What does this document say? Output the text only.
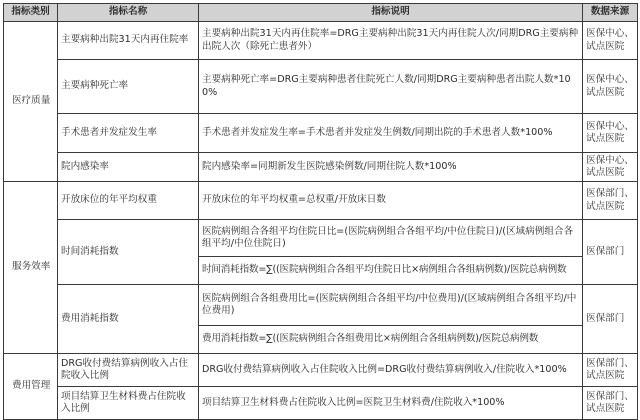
指标类别	指标名称	指标说明	数据来源
医疗质量	主要病种出院31天内再住院率	主要病种出院31天内再住院率=DRG主要病种出院31天内再住院人次/同期DRG主要病种出院人次（除死亡患者外）	医保中心、试点医院
	主要病种死亡率	主要病种死亡率=DRG主要病种患者住院死亡人数/同期DRG主要病种患者出院人数*100%	医保中心、试点医院
	手术患者并发症发生率	手术患者并发症发生率=手术患者并发症发生例数/同期出院的手术患者人数*100%	医保中心、试点医院
	院内感染率	院内感染率=同期新发生医院感染例数/同期住院人数*100%	医保中心、试点医院
服务效率	开放床位的年平均权重	开放床位的年平均权重=总权重/开放床日数	医保部门、试点医院
	时间消耗指数	医院病例组合各组平均住院日比=(医院病例组合各组平均/中位住院日)/(区域病例组合各组平均/中位住院日)	医保部门
		时间消耗指数=∑((医院病例组合各组平均住院日比×病例组合各组病例数)/医院总病例数	
	费用消耗指数	医院病例组合各组费用比=(医院病例组合各组平均/中位费用)/(区域病例组合各组平均/中位费用)	医保部门
		费用消耗指数=∑((医院病例组合各组费用比×病例组合各组病例数)/医院总病例数	
费用管理	DRG收付费结算病例收入占住院收入比例	DRG收付费结算病例收入占住院收入比例=DRG收付费结算病例收入/住院收入*100%	医保部门、试点医院
	项目结算卫生材料费占住院收入比例	项目结算卫生材料费占住院收入比例=医院卫生材料费/住院收入*100%	医保部门、试点医院
